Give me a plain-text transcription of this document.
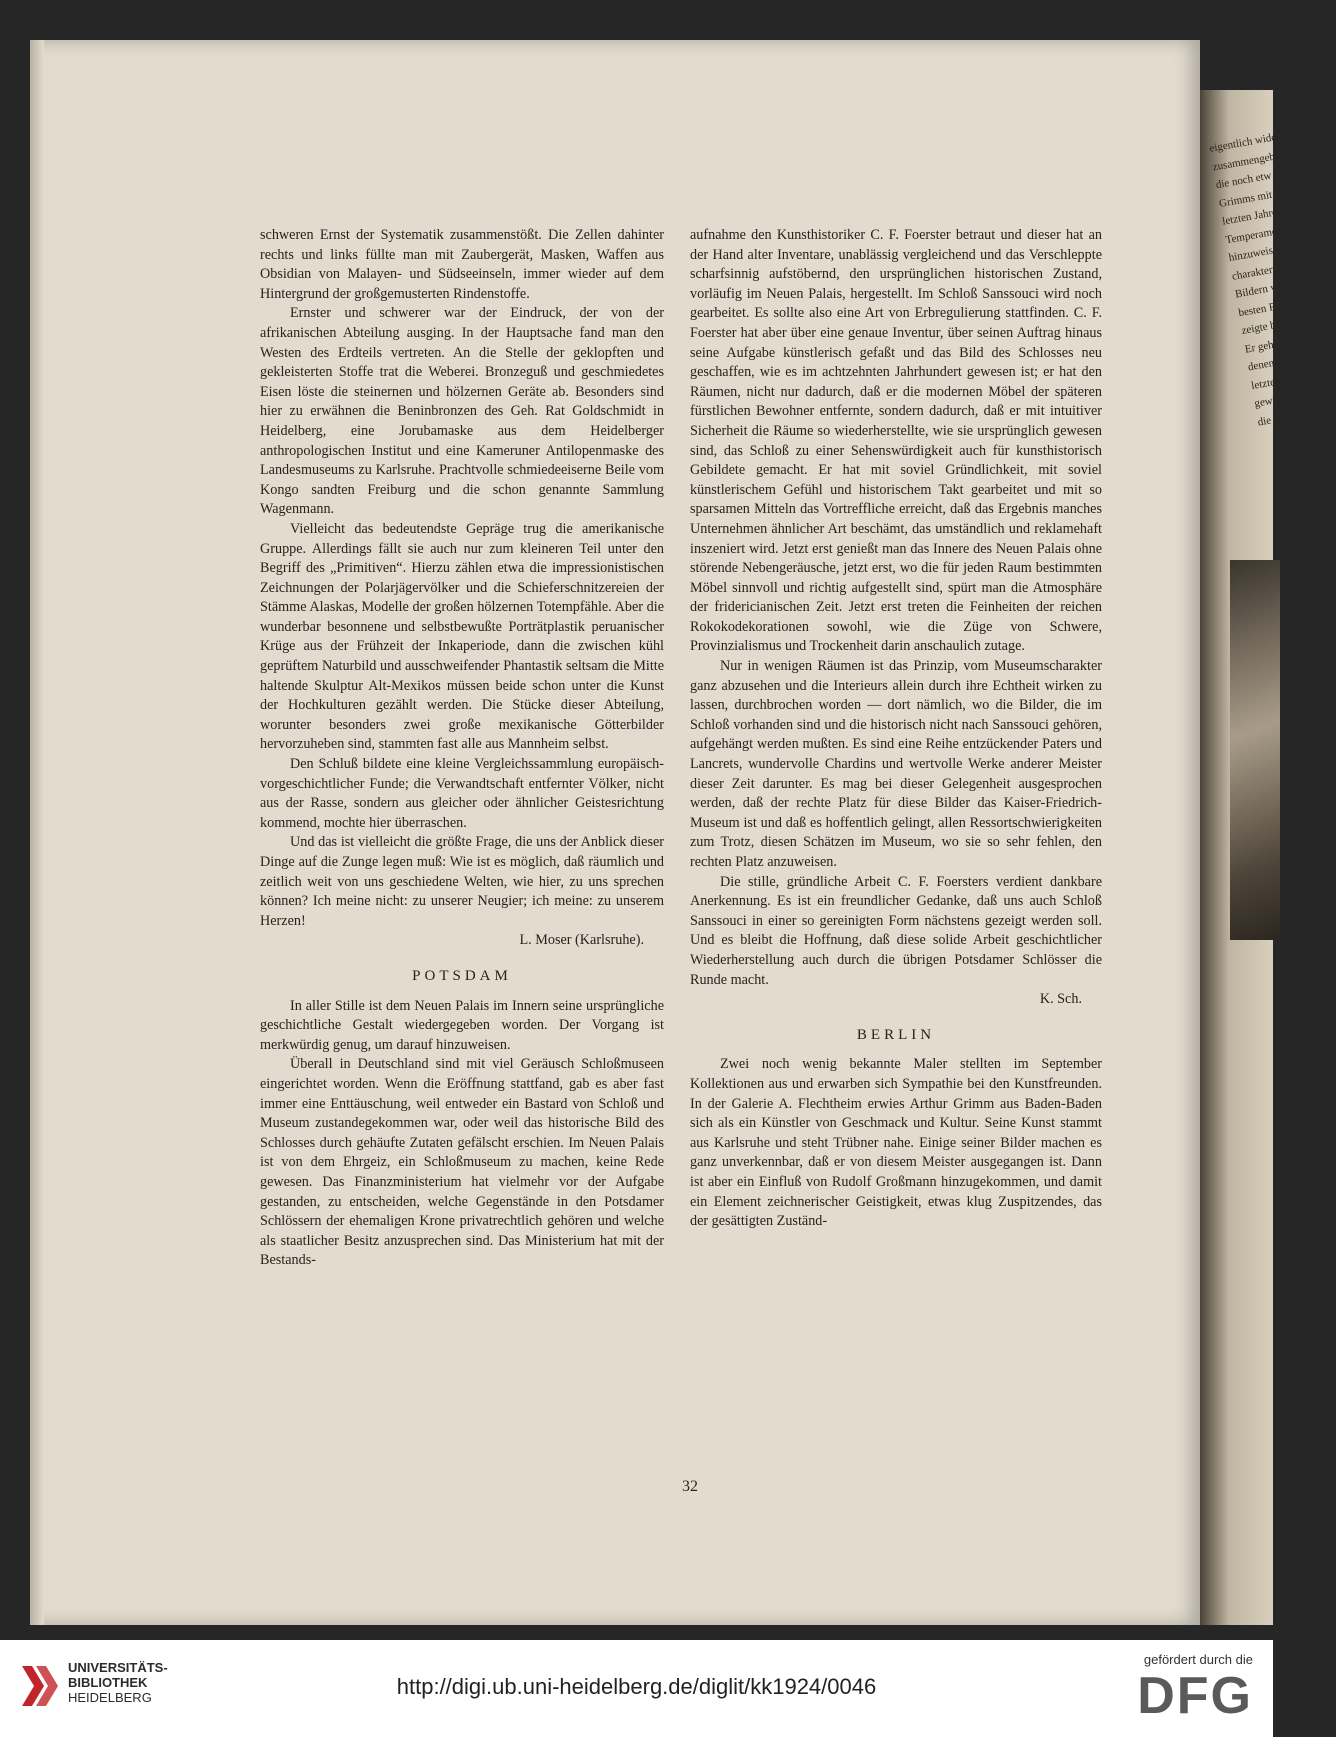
eigentlich wide
zusammengeb
die noch etw
Grimms mit zu
letzten Jahren
Temperament
hinzuweis
charaktervoll un
Bildern von Scho
besten Range
zeigte bei
Er geh
denen hie
letzten Bildern
gewissen Formen
die an Part

schweren Ernst der Systematik zusammenstößt. Die Zellen dahinter rechts und links füllte man mit Zaubergerät, Masken, Waffen aus Obsidian von Malayen- und Südseeinseln, immer wieder auf dem Hintergrund der großgemusterten Rindenstoffe.

Ernster und schwerer war der Eindruck, der von der afrikanischen Abteilung ausging. In der Hauptsache fand man den Westen des Erdteils vertreten. An die Stelle der geklopften und gekleisterten Stoffe trat die Weberei. Bronzeguß und geschmiedetes Eisen löste die steinernen und hölzernen Geräte ab. Besonders sind hier zu erwähnen die Beninbronzen des Geh. Rat Goldschmidt in Heidelberg, eine Jorubamaske aus dem Heidelberger anthropologischen Institut und eine Kameruner Antilopenmaske des Landesmuseums zu Karlsruhe. Prachtvolle schmiedeeiserne Beile vom Kongo sandten Freiburg und die schon genannte Sammlung Wagenmann.

Vielleicht das bedeutendste Gepräge trug die amerikanische Gruppe. Allerdings fällt sie auch nur zum kleineren Teil unter den Begriff des „Primitiven“. Hierzu zählen etwa die impressionistischen Zeichnungen der Polarjägervölker und die Schieferschnitzereien der Stämme Alaskas, Modelle der großen hölzernen Totempfähle. Aber die wunderbar besonnene und selbstbewußte Porträtplastik peruanischer Krüge aus der Frühzeit der Inkaperiode, dann die zwischen kühl geprüftem Naturbild und ausschweifender Phantastik seltsam die Mitte haltende Skulptur Alt-Mexikos müssen beide schon unter die Kunst der Hochkulturen gezählt werden. Die Stücke dieser Abteilung, worunter besonders zwei große mexikanische Götterbilder hervorzuheben sind, stammten fast alle aus Mannheim selbst.

Den Schluß bildete eine kleine Vergleichssammlung europäisch-vorgeschichtlicher Funde; die Verwandtschaft entfernter Völker, nicht aus der Rasse, sondern aus gleicher oder ähnlicher Geistesrichtung kommend, mochte hier überraschen.

Und das ist vielleicht die größte Frage, die uns der Anblick dieser Dinge auf die Zunge legen muß: Wie ist es möglich, daß räumlich und zeitlich weit von uns geschiedene Welten, wie hier, zu uns sprechen können? Ich meine nicht: zu unserer Neugier; ich meine: zu unserem Herzen!

L. Moser (Karlsruhe).

POTSDAM

In aller Stille ist dem Neuen Palais im Innern seine ursprüngliche geschichtliche Gestalt wiedergegeben worden. Der Vorgang ist merkwürdig genug, um darauf hinzuweisen.

Überall in Deutschland sind mit viel Geräusch Schloßmuseen eingerichtet worden. Wenn die Eröffnung stattfand, gab es aber fast immer eine Enttäuschung, weil entweder ein Bastard von Schloß und Museum zustandegekommen war, oder weil das historische Bild des Schlosses durch gehäufte Zutaten gefälscht erschien. Im Neuen Palais ist von dem Ehrgeiz, ein Schloßmuseum zu machen, keine Rede gewesen. Das Finanzministerium hat vielmehr vor der Aufgabe gestanden, zu entscheiden, welche Gegenstände in den Potsdamer Schlössern der ehemaligen Krone privatrechtlich gehören und welche als staatlicher Besitz anzusprechen sind. Das Ministerium hat mit der Bestands-

aufnahme den Kunsthistoriker C. F. Foerster betraut und dieser hat an der Hand alter Inventare, unablässig vergleichend und das Verschleppte scharfsinnig aufstöbernd, den ursprünglichen historischen Zustand, vorläufig im Neuen Palais, hergestellt. Im Schloß Sanssouci wird noch gearbeitet. Es sollte also eine Art von Erbregulierung stattfinden. C. F. Foerster hat aber über eine genaue Inventur, über seinen Auftrag hinaus seine Aufgabe künstlerisch gefaßt und das Bild des Schlosses neu geschaffen, wie es im achtzehnten Jahrhundert gewesen ist; er hat den Räumen, nicht nur dadurch, daß er die modernen Möbel der späteren fürstlichen Bewohner entfernte, sondern dadurch, daß er mit intuitiver Sicherheit die Räume so wiederherstellte, wie sie ursprünglich gewesen sind, das Schloß zu einer Sehenswürdigkeit auch für kunsthistorisch Gebildete gemacht. Er hat mit soviel Gründlichkeit, mit soviel künstlerischem Gefühl und historischem Takt gearbeitet und mit so sparsamen Mitteln das Vortreffliche erreicht, daß das Ergebnis manches Unternehmen ähnlicher Art beschämt, das umständlich und reklamehaft inszeniert wird. Jetzt erst genießt man das Innere des Neuen Palais ohne störende Nebengeräusche, jetzt erst, wo die für jeden Raum bestimmten Möbel sinnvoll und richtig aufgestellt sind, spürt man die Atmosphäre der fridericianischen Zeit. Jetzt erst treten die Feinheiten der reichen Rokokodekorationen sowohl, wie die Züge von Schwere, Provinzialismus und Trockenheit darin anschaulich zutage.

Nur in wenigen Räumen ist das Prinzip, vom Museumscharakter ganz abzusehen und die Interieurs allein durch ihre Echtheit wirken zu lassen, durchbrochen worden — dort nämlich, wo die Bilder, die im Schloß vorhanden sind und die historisch nicht nach Sanssouci gehören, aufgehängt werden mußten. Es sind eine Reihe entzückender Paters und Lancrets, wundervolle Chardins und wertvolle Werke anderer Meister dieser Zeit darunter. Es mag bei dieser Gelegenheit ausgesprochen werden, daß der rechte Platz für diese Bilder das Kaiser-Friedrich-Museum ist und daß es hoffentlich gelingt, allen Ressortschwierigkeiten zum Trotz, diesen Schätzen im Museum, wo sie so sehr fehlen, den rechten Platz anzuweisen.

Die stille, gründliche Arbeit C. F. Foersters verdient dankbare Anerkennung. Es ist ein freundlicher Gedanke, daß uns auch Schloß Sanssouci in einer so gereinigten Form nächstens gezeigt werden soll. Und es bleibt die Hoffnung, daß diese solide Arbeit geschichtlicher Wiederherstellung auch durch die übrigen Potsdamer Schlösser die Runde macht.

K. Sch.

BERLIN

Zwei noch wenig bekannte Maler stellten im September Kollektionen aus und erwarben sich Sympathie bei den Kunstfreunden. In der Galerie A. Flechtheim erwies Arthur Grimm aus Baden-Baden sich als ein Künstler von Geschmack und Kultur. Seine Kunst stammt aus Karlsruhe und steht Trübner nahe. Einige seiner Bilder machen es ganz unverkennbar, daß er von diesem Meister ausgegangen ist. Dann ist aber ein Einfluß von Rudolf Großmann hinzugekommen, und damit ein Element zeichnerischer Geistigkeit, etwas klug Zuspitzendes, das der gesättigten Zuständ-

32
UNIVERSITÄTS-
BIBLIOTHEK
HEIDELBERG	http://digi.ub.uni-heidelberg.de/diglit/kk1924/0046
gefördert durch die
DFG
